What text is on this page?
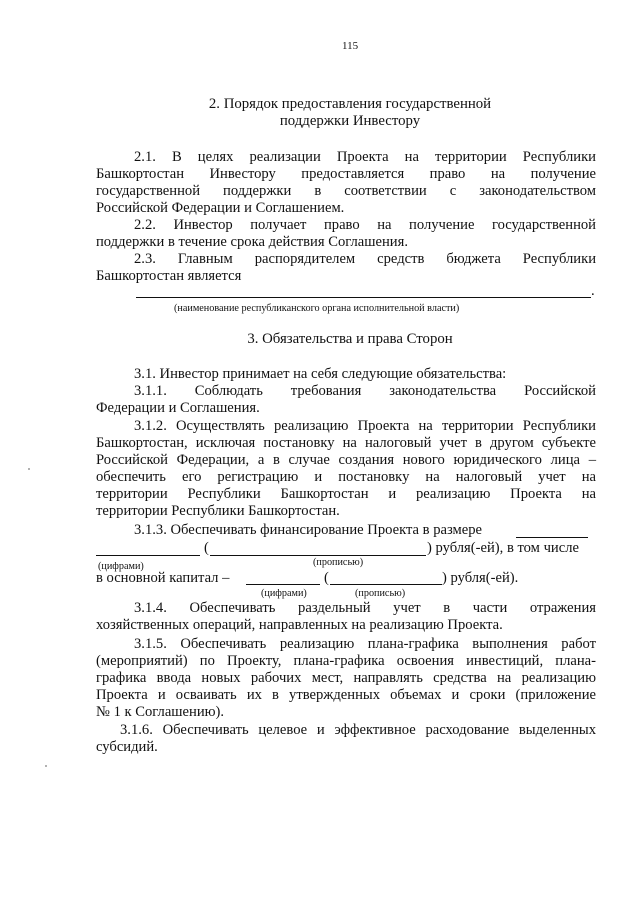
115
2. Порядок предоставления государственной
поддержки Инвестору
2.1. В целях реализации Проекта на территории Республики
Башкортостан Инвестору предоставляется право на получение
государственной поддержки в соответствии с законодательством
Российской Федерации и Соглашением.
2.2. Инвестор получает право на получение государственной
поддержки в течение срока действия Соглашения.
2.3. Главным распорядителем средств бюджета Республики
Башкортостан является
.
(наименование республиканского органа исполнительной власти)
3. Обязательства и права Сторон
3.1. Инвестор принимает на себя следующие обязательства:
3.1.1. Соблюдать требования законодательства Российской
Федерации и Соглашения.
3.1.2. Осуществлять реализацию Проекта на территории Республики
Башкортостан, исключая постановку на налоговый учет в другом субъекте
Российской Федерации, а в случае создания нового юридического лица –
обеспечить его регистрацию и постановку на налоговый учет на
территории Республики Башкортостан и реализацию Проекта на
территории Республики Башкортостан.
3.1.3. Обеспечивать финансирование Проекта в размере
(	) рубля(-ей), в том числе
(цифрами)	(прописью)
в основной капитал –	(	) рубля(-ей).
(цифрами)	(прописью)
3.1.4. Обеспечивать раздельный учет в части отражения
хозяйственных операций, направленных на реализацию Проекта.
3.1.5. Обеспечивать реализацию плана-графика выполнения работ
(мероприятий) по Проекту, плана-графика освоения инвестиций, плана-
графика ввода новых рабочих мест, направлять средства на реализацию
Проекта и осваивать их в утвержденных объемах и сроки (приложение
№ 1 к Соглашению).
3.1.6. Обеспечивать целевое и эффективное расходование выделенных
субсидий.
